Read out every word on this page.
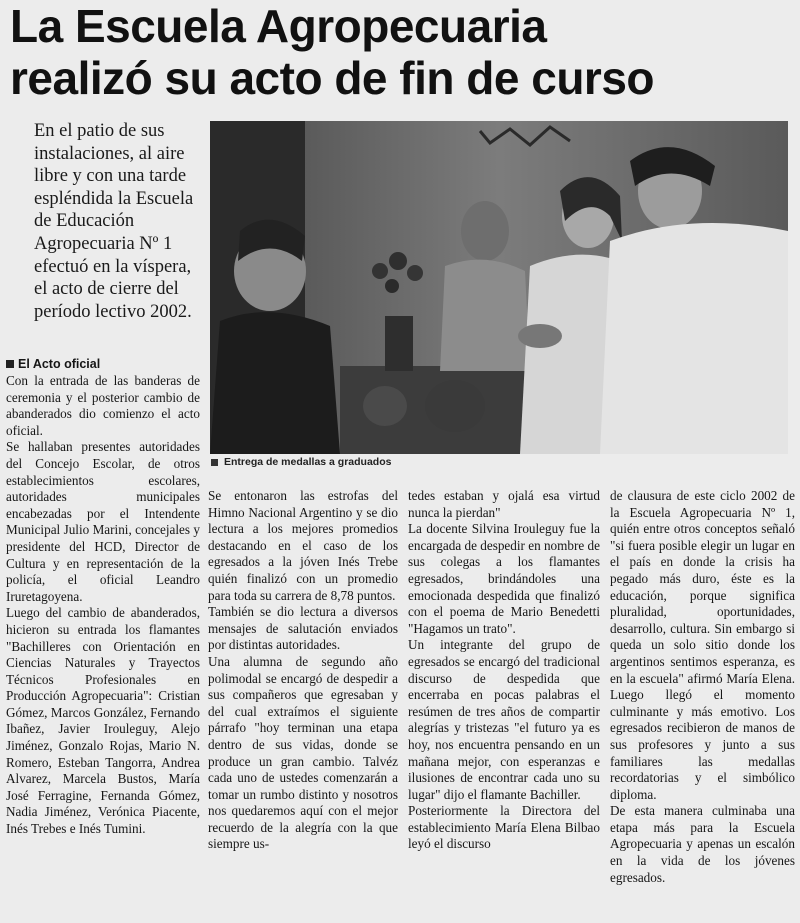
La Escuela Agropecuaria
realizó su acto de fin de curso
En el patio de sus instalaciones, al aire libre y con una tarde espléndida la Escuela de Educación Agropecuaria Nº 1 efectuó en la víspera, el acto de cierre del período lectivo 2002.
Entrega de medallas a graduados
El Acto oficial

Con la entrada de las banderas de ceremonia y el posterior cambio de abanderados dio comienzo el acto oficial.

Se hallaban presentes autoridades del Concejo Escolar, de otros establecimientos escolares, autoridades municipales encabezadas por el Intendente Municipal Julio Marini, concejales y presidente del HCD, Director de Cultura y en representación de la policía, el oficial Leandro Iruretagoyena.

Luego del cambio de abanderados, hicieron su entrada los flamantes "Bachilleres con Orientación en Ciencias Naturales y Trayectos Técnicos Profesionales en Producción Agropecuaria": Cristian Gómez, Marcos González, Fernando Ibañez, Javier Irouleguy, Alejo Jiménez, Gonzalo Rojas, Mario N. Romero, Esteban Tangorra, Andrea Alvarez, Marcela Bustos, María José Ferragine, Fernanda Gómez, Nadia Jiménez, Verónica Piacente, Inés Trebes e Inés Tumini.

Se entonaron las estrofas del Himno Nacional Argentino y se dio lectura a los mejores promedios destacando en el caso de los egresados a la jóven Inés Trebe quién finalizó con un promedio para toda su carrera de 8,78 puntos.

También se dio lectura a diversos mensajes de salutación enviados por distintas autoridades.

Una alumna de segundo año polimodal se encargó de despedir a sus compañeros que egresaban y del cual extraímos el siguiente párrafo "hoy terminan una etapa dentro de sus vidas, donde se produce un gran cambio. Talvéz cada uno de ustedes comenzarán a tomar un rumbo distinto y nosotros nos quedaremos aquí con el mejor recuerdo de la alegría con la que siempre us-

tedes estaban y ojalá esa virtud nunca la pierdan"

La docente Silvina Irouleguy fue la encargada de despedir en nombre de sus colegas a los flamantes egresados, brindándoles una emocionada despedida que finalizó con el poema de Mario Benedetti "Hagamos un trato".

Un integrante del grupo de egresados se encargó del tradicional discurso de despedida que encerraba en pocas palabras el resúmen de tres años de compartir alegrías y tristezas "el futuro ya es hoy, nos encuentra pensando en un mañana mejor, con esperanzas e ilusiones de encontrar cada uno su lugar" dijo el flamante Bachiller.

Posteriormente la Directora del establecimiento María Elena Bilbao leyó el discurso

de clausura de este ciclo 2002 de la Escuela Agropecuaria Nº 1, quién entre otros conceptos señaló "si fuera posible elegir un lugar en el país en donde la crisis ha pegado más duro, éste es la educación, porque significa pluralidad, oportunidades, desarrollo, cultura. Sin embargo si queda un solo sitio donde los argentinos sentimos esperanza, es en la escuela" afirmó María Elena. Luego llegó el momento culminante y más emotivo. Los egresados recibieron de manos de sus profesores y junto a sus familiares las medallas recordatorias y el simbólico diploma.

De esta manera culminaba una etapa más para la Escuela Agropecuaria y apenas un escalón en la vida de los jóvenes egresados.
